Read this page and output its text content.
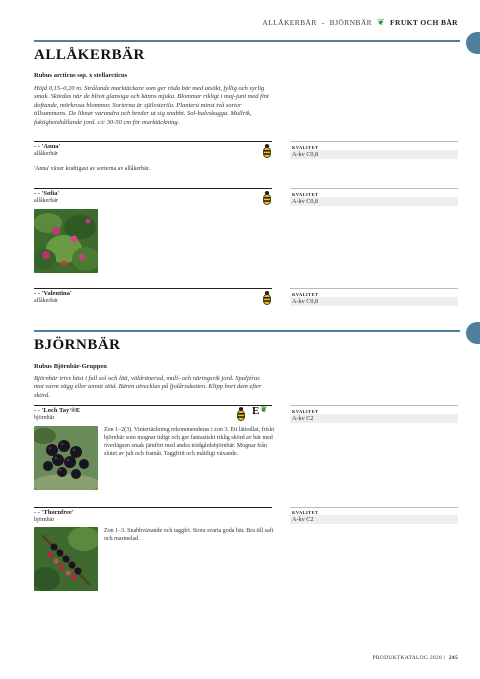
ALLÅKERBÄR - BJÖRNBÄR ❦ FRUKT OCH BÄR
ALLÅKERBÄR
Rubus arcticus ssp. x stellarcticus
Höjd 0,15–0,20 m. Strålande marktäckare som ger röda bär med utsökt, fyllig och syrlig smak. Skördas när de blivit glansiga och känns mjuka. Blommar rikligt i maj-juni med fint doftande, mörkrosa blommor. Sorterna är självsterila. Plantera minst två sorter tillsammans. De liknar varandra och breder ut sig snabbt. Sol-halvskugga. Mullrik, fuktighetshållande jord. c/c 30-50 cm för marktäckning.
- - 'Anna'
allåkerbär
KVALITET
A-kv C0,8
'Anna' växer kraftigast av sorterna av allåkerbär.
- - 'Sofia'
allåkerbär
KVALITET
A-kv C0,8
- - 'Valentina'
allåkerbär
KVALITET
A-kv C0,8
BJÖRNBÄR
Rubus Björnbär-Gruppen
Björnbär trivs bäst i full sol och lätt, väldränerad, mull- och näringsrik jord. Spaljéras mot varm vägg eller annat stöd. Bären utvecklas på fjolårsskotten. Klipp bort dem efter skörd.
- - 'Loch Tay'®E
björnbär
E ❦	KVALITET
A-kv C2
Zon 1–2(3). Vintertäckning rekommenderas i zon 3. Ett lättodlat, friskt björnbär som mognar tidigt och ger fantastiskt riklig skörd av bär med överlägsen smak jämfört med andra trädgårdsbjörnbär. Mognar från slutet av juli och framåt. Taggfritt och måttligt växande.
- - 'Thornfree'
björnbär
KVALITET
A-kv C2
Zon 1–3. Snabbväxande och taggfri. Stora svarta goda bär. Bra till saft och marmelad.
PRODUKTKATALOG 2026 | 245
